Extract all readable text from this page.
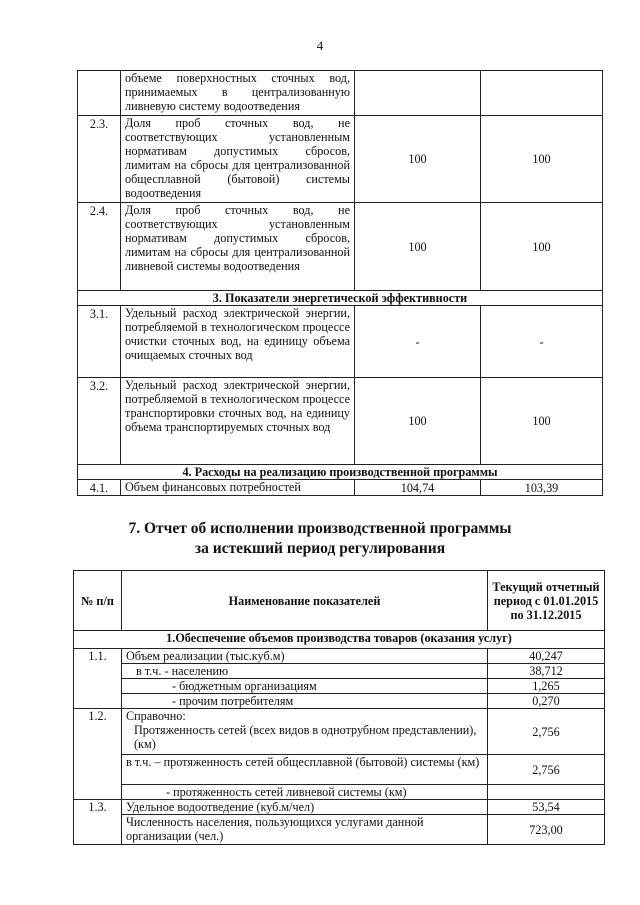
4
	объеме поверхностных сточных вод, принимаемых в централизованную ливневую систему водоотведения		
2.3.	Доля проб сточных вод, не соответствующих установленным нормативам допустимых сбросов, лимитам на сбросы для централизованной общесплавной (бытовой) системы водоотведения	100	100
2.4.	Доля проб сточных вод, не соответствующих установленным нормативам допустимых сбросов, лимитам на сбросы для централизованной ливневой системы водоотведения	100	100
3. Показатели энергетической эффективности			
3.1.	Удельный расход электрической энергии, потребляемой в технологическом процессе очистки сточных вод, на единицу объема очищаемых сточных вод	-	-
3.2.	Удельный расход электрической энергии, потребляемой в технологическом процессе транспортировки сточных вод, на единицу объема транспортируемых сточных вод	100	100
4. Расходы на реализацию производственной программы			
4.1.	Объем финансовых потребностей	104,74	103,39
7. Отчет об исполнении производственной программы
за истекший период регулирования
№ п/п	Наименование показателей	Текущий отчетный период с 01.01.2015 по 31.12.2015
1.Обеспечение объемов производства товаров (оказания услуг)		
1.1.	Объем реализации (тыс.куб.м)	40,247
	в т.ч. - населению	38,712
	- бюджетным организациям	1,265
	- прочим потребителям	0,270
1.2.	Справочно:
Протяженность сетей (всех видов в однотрубном представлении), (км)	2,756
	в т.ч. – протяженность сетей общесплавной (бытовой) системы (км)	2,756
	- протяженность сетей ливневой системы (км)	
1.3.	Удельное водоотведение (куб.м/чел)	53,54
	Численность населения, пользующихся услугами данной организации (чел.)	723,00
